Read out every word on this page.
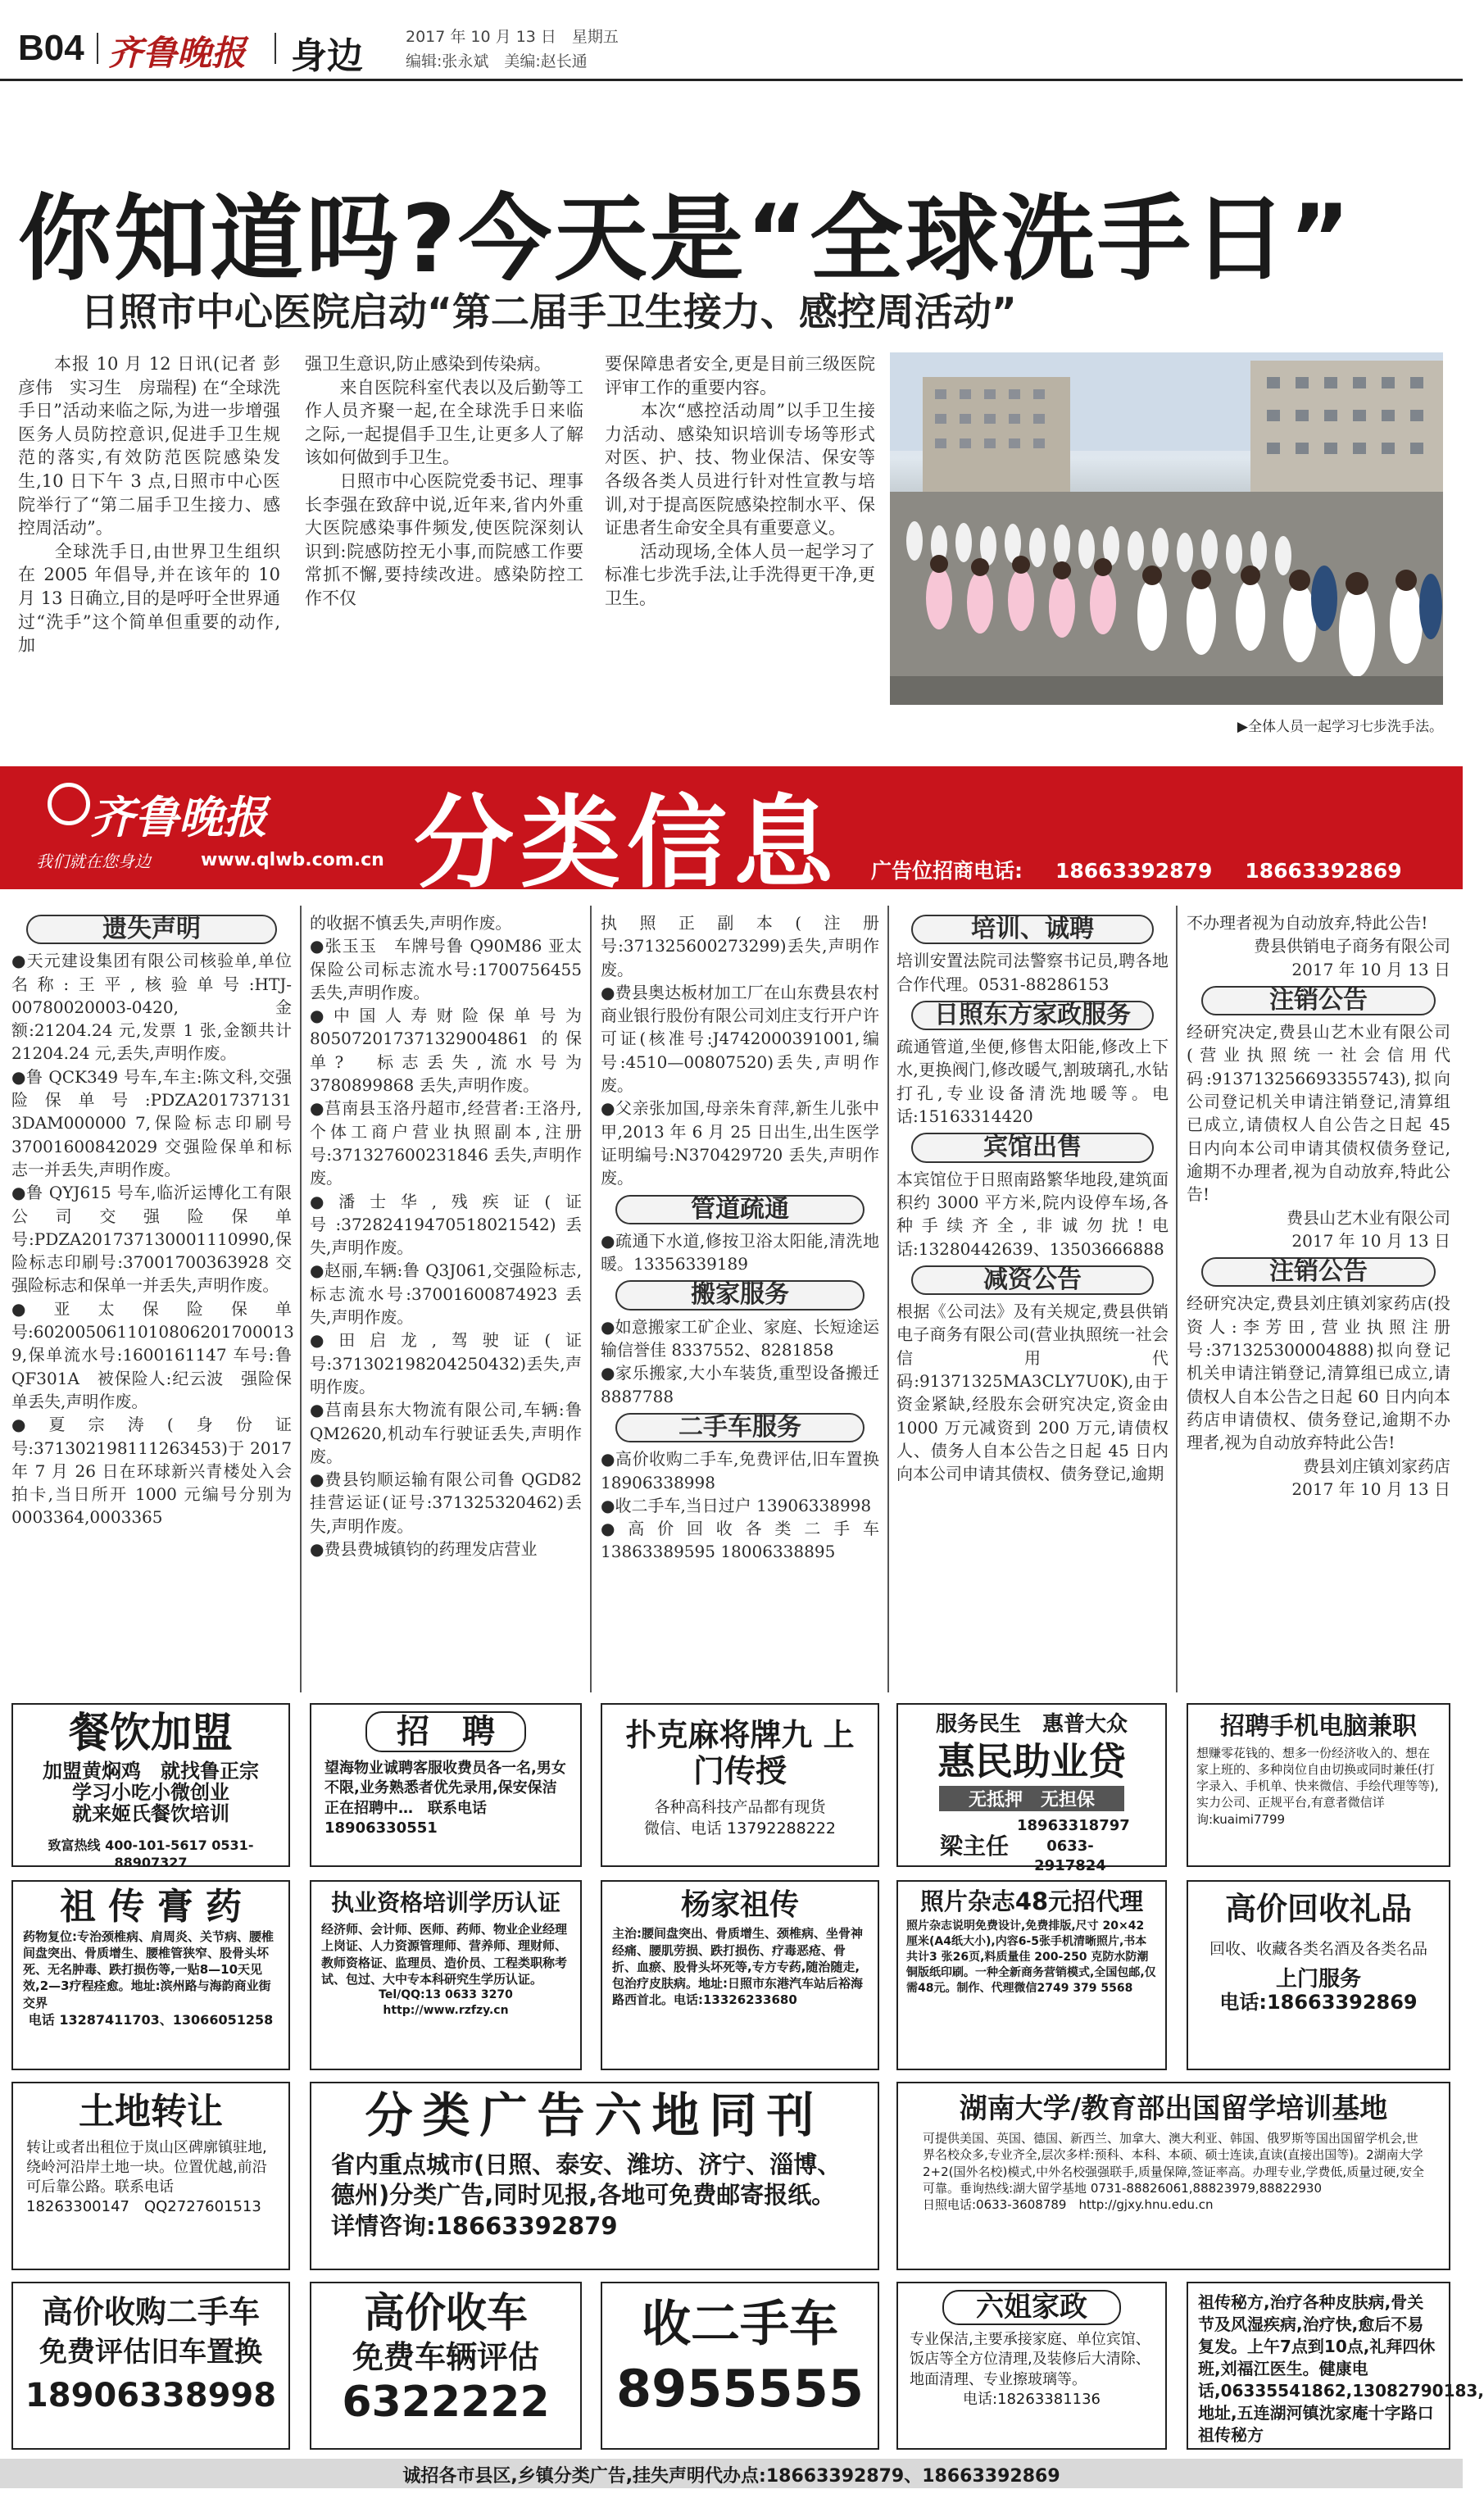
B04 齐鲁晚报 身边	2017 年 10 月 13 日　星期五
编辑:张永斌　美编:赵长通
你知道吗?今天是“全球洗手日”
日照市中心医院启动“第二届手卫生接力、感控周活动”
　　本报 10 月 12 日讯(记者 彭彦伟　实习生　房瑞程) 在“全球洗手日”活动来临之际,为进一步增强医务人员防控意识,促进手卫生规范的落实,有效防范医院感染发生,10 日下午 3 点,日照市中心医院举行了“第二届手卫生接力、感控周活动”。
　　全球洗手日,由世界卫生组织在 2005 年倡导,并在该年的 10 月 13 日确立,目的是呼吁全世界通过“洗手”这个简单但重要的动作,加
强卫生意识,防止感染到传染病。
　　来自医院科室代表以及后勤等工作人员齐聚一起,在全球洗手日来临之际,一起提倡手卫生,让更多人了解该如何做到手卫生。
　　日照市中心医院党委书记、理事长李强在致辞中说,近年来,省内外重大医院感染事件频发,使医院深刻认识到:院感防控无小事,而院感工作要常抓不懈,要持续改进。感染防控工作不仅
要保障患者安全,更是目前三级医院评审工作的重要内容。
　　本次“感控活动周”以手卫生接力活动、感染知识培训专场等形式对医、护、技、物业保洁、保安等各级各类人员进行针对性宣教与培训,对于提高医院感染控制水平、保证患者生命安全具有重要意义。
　　活动现场,全体人员一起学习了标准七步洗手法,让手洗得更干净,更卫生。
▶全体人员一起学习七步洗手法。
齐鲁晚报
我们就在您身边	www.qlwb.com.cn 分类信息 广告位招商电话: 18663392879 18663392869
遗失声明

●天元建设集团有限公司核验单,单位名称:王平,核验单号:HTJ-00780020003-0420,金额:21204.24 元,发票 1 张,金额共计 21204.24 元,丢失,声明作废。

●鲁 QCK349 号车,车主:陈文科,交强险保单号:PDZA201737131 3DAM000000 7,保险标志印刷号 37001600842029 交强险保单和标志一并丢失,声明作废。

●鲁 QYJ615 号车,临沂运博化工有限公司交强险保单号:PDZA201737130001110990,保险标志印刷号:37001700363928 交强险标志和保单一并丢失,声明作废。

●亚太保险保单号:6020050611010806201700013 9,保单流水号:1600161147 车号:鲁 QF301A　被保险人:纪云波　强险保单丢失,声明作废。

●夏宗涛(身份证号:371302198111263453)于 2017 年 7 月 26 日在环球新兴青楼处入会拍卡,当日所开 1000 元编号分别为 0003364,0003365

的收据不慎丢失,声明作废。

●张玉玉　车牌号鲁 Q90M86 亚太保险公司标志流水号:1700756455 丢失,声明作废。

●中国人寿财险保单号为 805072017371329004861 的保单?　标志丢失,流水号为 3780899868 丢失,声明作废。

●莒南县玉洛丹超市,经营者:王洛丹,个体工商户营业执照副本,注册号:371327600231846 丢失,声明作废。

●潘士华,残疾证(证号:37282419470518021542)丢失,声明作废。

●赵丽,车辆:鲁 Q3J061,交强险标志,标志流水号:37001600874923 丢失,声明作废。

●田启龙,驾驶证(证号:371302198204250432)丢失,声明作废。

●莒南县东大物流有限公司,车辆:鲁 QM2620,机动车行驶证丢失,声明作废。

●费县钧顺运输有限公司鲁 QGD82 挂营运证(证号:371325320462)丢失,声明作废。

●费县费城镇钧的药理发店营业

执照正副本(注册号:371325600273299)丢失,声明作废。

●费县奥达板材加工厂在山东费县农村商业银行股份有限公司刘庄支行开户许可证(核准号:J4742000391001,编号:4510—00807520)丢失,声明作废。

●父亲张加国,母亲朱育萍,新生儿张中甲,2013 年 6 月 25 日出生,出生医学证明编号:N370429720 丢失,声明作废。

管道疏通

●疏通下水道,修按卫浴太阳能,清洗地暖。13356339189

搬家服务

●如意搬家工矿企业、家庭、长短途运输信誉佳 8337552、8281858

●家乐搬家,大小车装货,重型设备搬迁 8887788

二手车服务

●高价收购二手车,免费评估,旧车置换 18906338998

●收二手车,当日过户 13906338998

●高价回收各类二手车 13863389595 18006338895

培训、诚聘

培训安置法院司法警察书记员,聘各地合作代理。0531-88286153

日照东方家政服务

疏通管道,坐便,修售太阳能,修改上下水,更换阀门,修改暖气,割玻璃孔,水钻打孔,专业设备清洗地暖等。电话:15163314420

宾馆出售

本宾馆位于日照南路繁华地段,建筑面积约 3000 平方米,院内设停车场,各种手续齐全,非诚勿扰!电话:13280442639、13503666888

减资公告

根据《公司法》及有关规定,费县供销电子商务有限公司(营业执照统一社会信用代码:91371325MA3CLY7U0K),由于资金紧缺,经股东会研究决定,资金由 1000 万元减资到 200 万元,请债权人、债务人自本公告之日起 45 日内向本公司申请其债权、债务登记,逾期

不办理者视为自动放弃,特此公告!

费县供销电子商务有限公司

2017 年 10 月 13 日

注销公告

经研究决定,费县山艺木业有限公司(营业执照统一社会信用代码:913713256693355743),拟向公司登记机关申请注销登记,清算组已成立,请债权人自公告之日起 45 日内向本公司申请其债权债务登记,逾期不办理者,视为自动放弃,特此公告!

费县山艺木业有限公司

2017 年 10 月 13 日

注销公告

经研究决定,费县刘庄镇刘家药店(投资人:李芳田,营业执照注册号:371325300004888)拟向登记机关申请注销登记,清算组已成立,请债权人自本公告之日起 60 日内向本药店申请债权、债务登记,逾期不办理者,视为自动放弃特此公告!

费县刘庄镇刘家药店

2017 年 10 月 13 日

餐饮加盟
加盟黄焖鸡　就找鲁正宗
学习小吃小微创业
就来姬氏餐饮培训
致富热线 400-101-5617 0531-88907327
招　聘
望海物业诚聘客服收费员各一名,男女不限,业务熟悉者优先录用,保安保洁正在招聘中…　联系电话 18906330551
扑克麻将牌九 上门传授
各种高科技产品都有现货
微信、电话 13792288222
服务民生　惠普大众
惠民助业贷
无抵押　无担保
梁主任
18963318797 0633-2917824
招聘手机电脑兼职
想赚零花钱的、想多一份经济收入的、想在家上班的、多种岗位自由切换或同时兼任(打字录入、手机单、快来微信、手绘代理等等),实力公司、正规平台,有意者微信详询:kuaimi7799
祖 传 膏 药
药物复位:专治颈椎病、肩周炎、关节病、腰椎间盘突出、骨质增生、腰椎管狭窄、股骨头坏死、无名肿毒、跌打损伤等,一贴8—10天见效,2—3疗程痊愈。地址:滨州路与海韵商业街交界
电话 13287411703、13066051258
执业资格培训学历认证
经济师、会计师、医师、药师、物业企业经理上岗证、人力资源管理师、营养师、理财师、教师资格证、监理员、造价员、工程类职称考试、包过、大中专本科研究生学历认证。
Tel/QQ:13 0633 3270　http://www.rzfzy.cn
杨家祖传
主治:腰间盘突出、骨质增生、颈椎病、坐骨神经痛、腰肌劳损、跌打损伤、疗毒恶疮、骨折、血瘀、股骨头坏死等,专方专药,随治随走,包治疗皮肤病。地址:日照市东港汽车站后裕海路西首北。电话:13326233680
照片杂志48元招代理
照片杂志说明免费设计,免费排版,尺寸 20×42 厘米(A4纸大小),内容6-5张手机清晰照片,书本共计3 张26页,料质量佳 200-250 克防水防潮铜版纸印刷。一种全新商务营销模式,全国包邮,仅需48元。制作、代理微信2749 379 5568
高价回收礼品
回收、收藏各类名酒及各类名品
上门服务
电话:18663392869
土地转让
转让或者出租位于岚山区碑廓镇驻地,绕岭河沿岸土地一块。位置优越,前沿可后靠公路。联系电话 18263300147　QQ2727601513
分类广告六地同刊
省内重点城市(日照、泰安、潍坊、济宁、淄博、德州)分类广告,同时见报,各地可免费邮寄报纸。详情咨询:18663392879
湖南大学/教育部出国留学培训基地
可提供美国、英国、德国、新西兰、加拿大、澳大利亚、韩国、俄罗斯等国出国留学机会,世界名校众多,专业齐全,层次多样:预科、本科、本硕、硕士连读,直读(直接出国等)。2湖南大学2+2(国外名校)模式,中外名校强强联手,质量保障,签证率高。办理专业,学费低,质量过硬,安全可靠。垂询热线:湖大留学基地 0731-88826061,88823979,88822930
日照电话:0633-3608789　http://gjxy.hnu.edu.cn
高价收购二手车
免费评估旧车置换
18906338998
高价收车
免费车辆评估
6322222
收二手车
8955555
六姐家政
专业保洁,主要承接家庭、单位宾馆、饭店等全方位清理,及装修后大清除、地面清理、专业擦玻璃等。
电话:18263381136
祖传秘方,治疗各种皮肤病,骨关节及风湿疾病,治疗快,愈后不易复发。上午7点到10点,礼拜四休班,刘福江医生。健康电话,06335541862,13082790183,地址,五连湖河镇沈家庵十字路口祖传秘方
诚招各市县区,乡镇分类广告,挂失声明代办点:18663392879、18663392869
